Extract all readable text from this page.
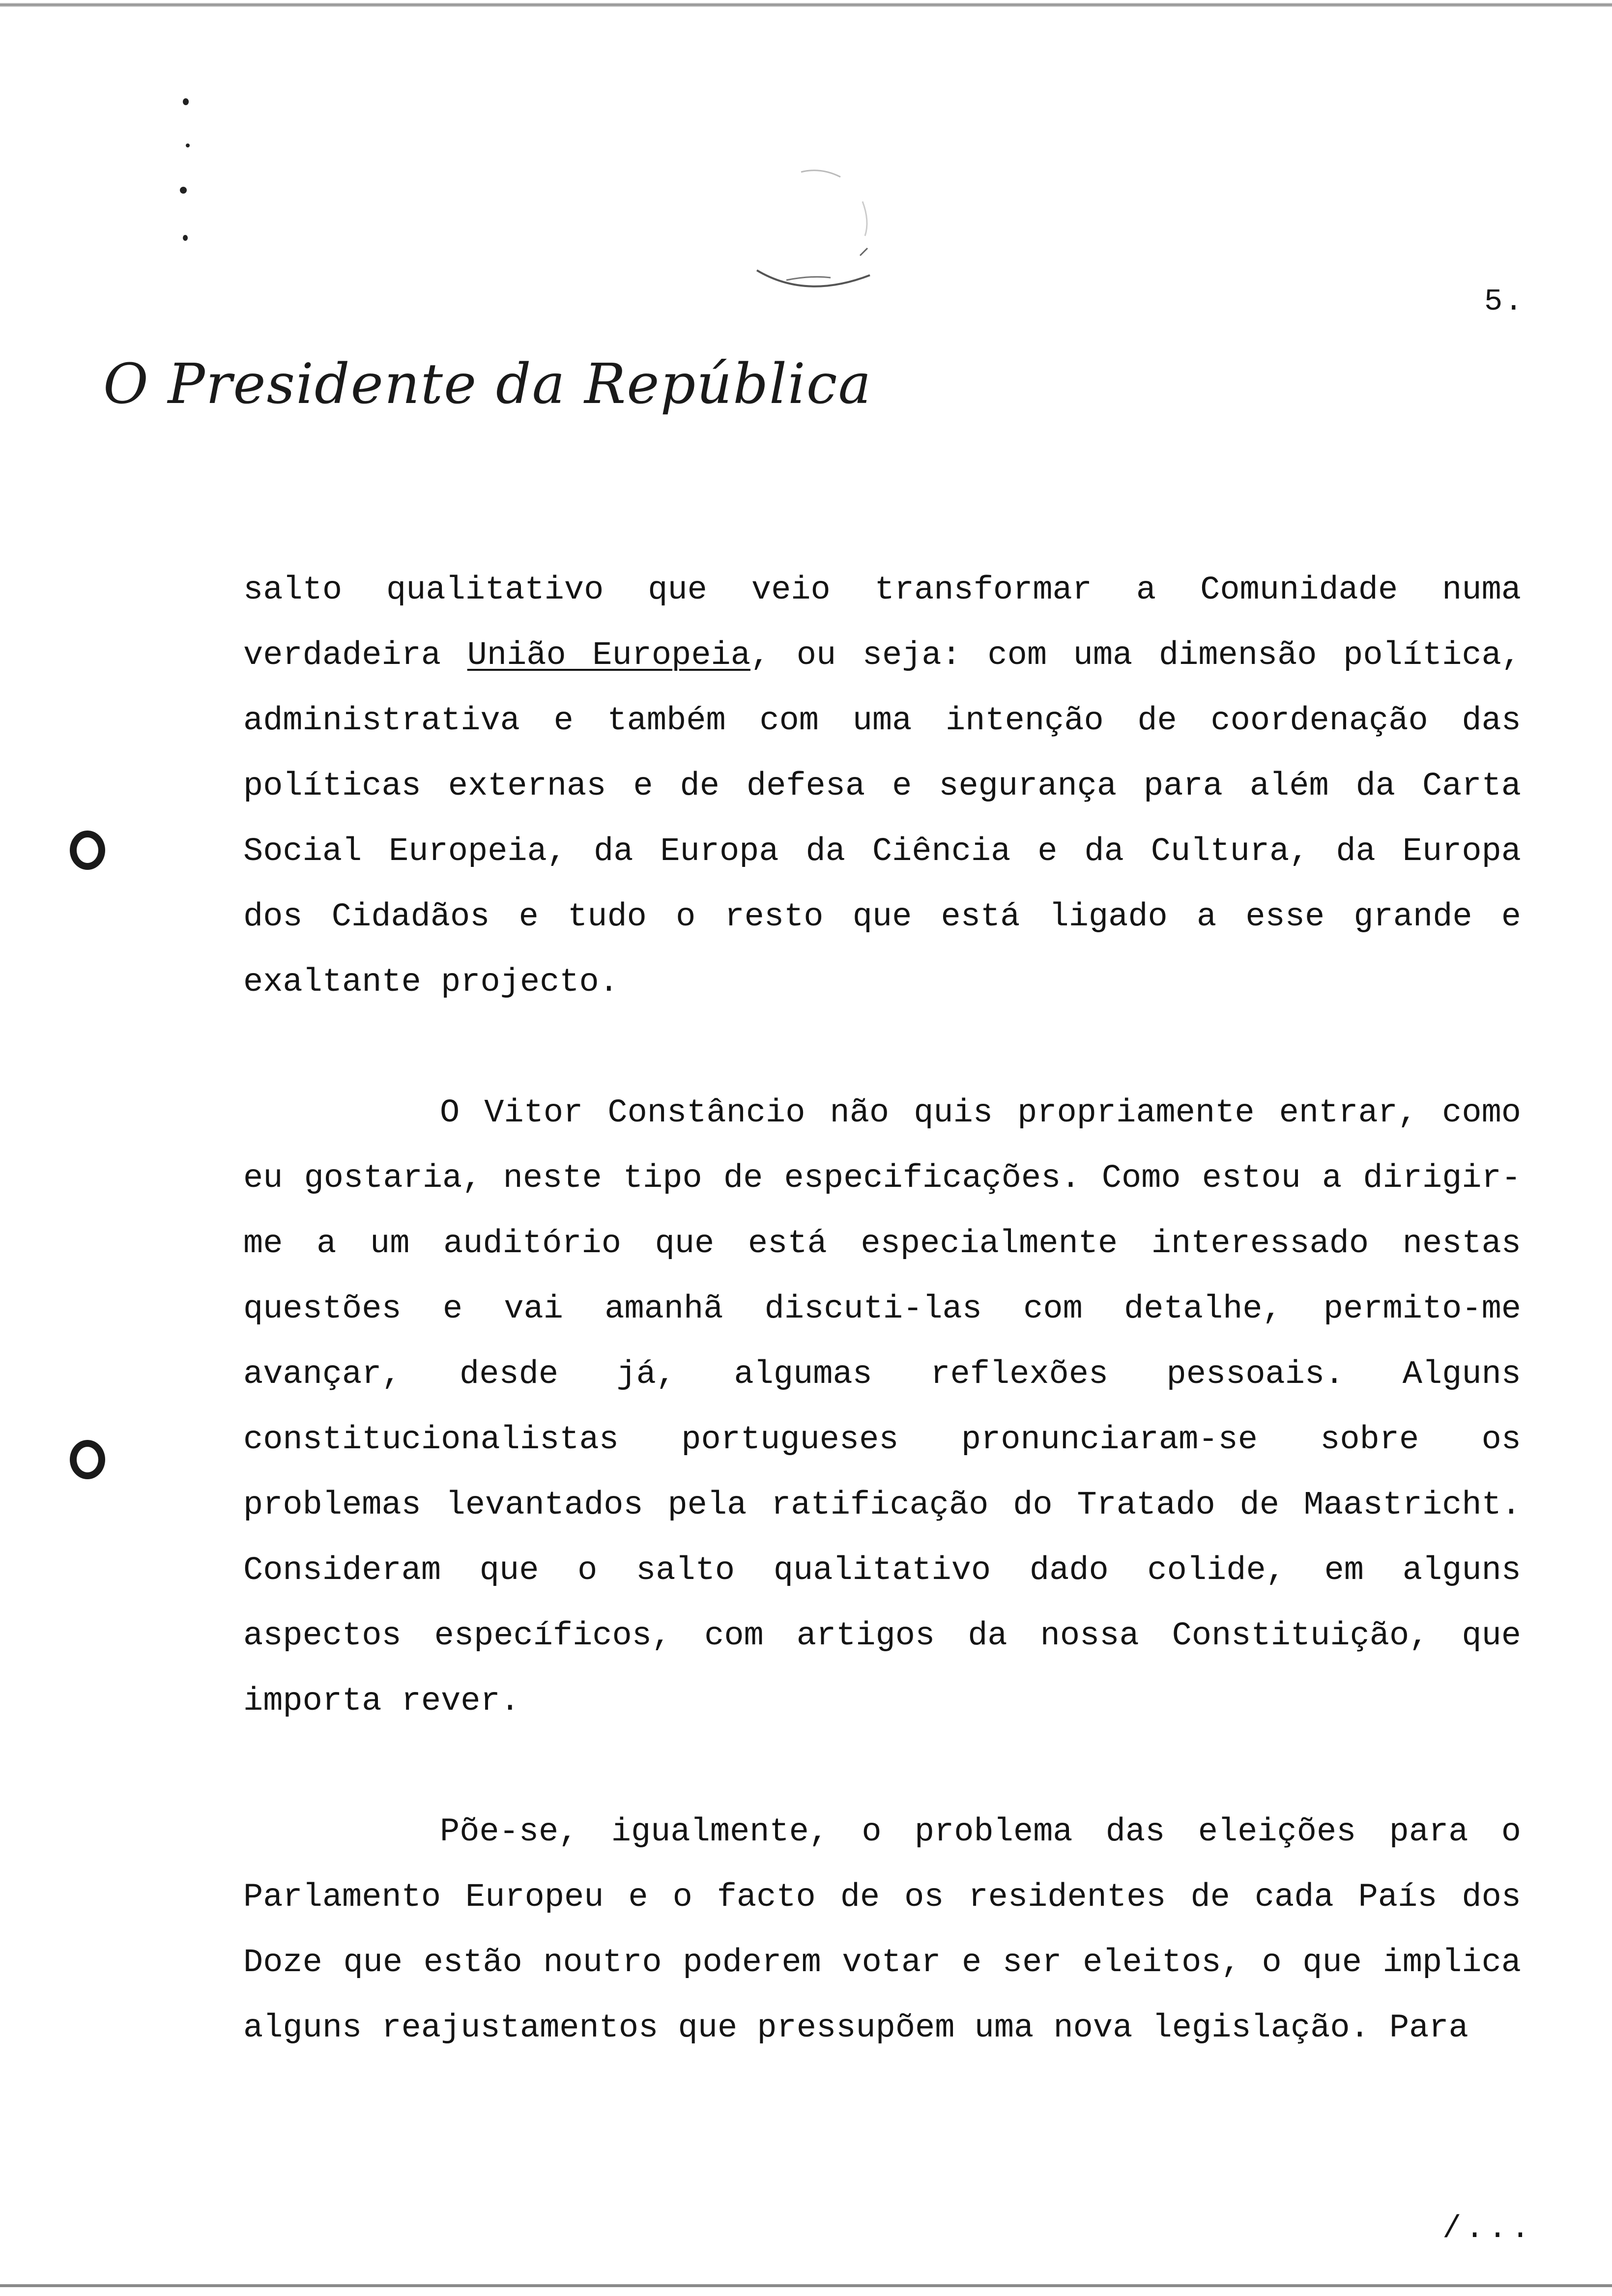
5.
O Presidente da República

salto qualitativo que veio transformar a Comunidade numa verdadeira União Europeia, ou seja: com uma dimensão política, administrativa e também com uma intenção de coordenação das políticas externas e de defesa e segurança para além da Carta Social Europeia, da Europa da Ciência e da Cultura, da Europa dos Cidadãos e tudo o resto que está ligado a esse grande e exaltante projecto.

O Vitor Constâncio não quis propriamente entrar, como eu gostaria, neste tipo de especificações. Como estou a dirigir-me a um auditório que está especialmente interessado nestas questões e vai amanhã discuti-las com detalhe, permito-me avançar, desde já, algumas reflexões pessoais. Alguns constitucionalistas portugueses pronunciaram-se sobre os problemas levantados pela ratificação do Tratado de Maastricht. Consideram que o salto qualitativo dado colide, em alguns aspectos específicos, com artigos da nossa Constituição, que importa rever.

Põe-se, igualmente, o problema das eleições para o Parlamento Europeu e o facto de os residentes de cada País dos Doze que estão noutro poderem votar e ser eleitos, o que implica alguns reajustamentos que pressupõem uma nova legislação. Para

/...
